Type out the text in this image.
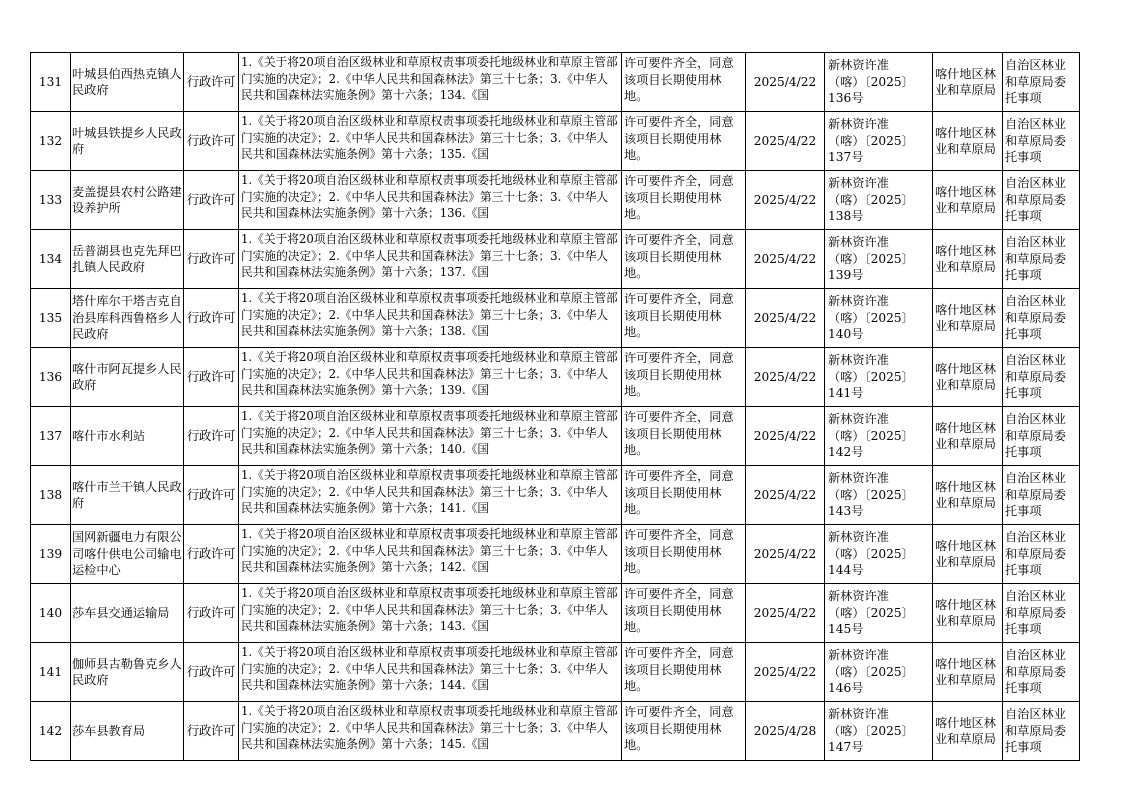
131	叶城县伯西热克镇人民政府	行政许可	1.《关于将20项自治区级林业和草原权责事项委托地级林业和草原主管部门实施的决定》；2.《中华人民共和国森林法》第三十七条；3.《中华人民共和国森林法实施条例》第十六条；134.《国	许可要件齐全，同意该项目长期使用林地。	2025/4/22	新林资许准
（喀）〔2025〕
136号	喀什地区林业和草原局	自治区林业和草原局委托事项
132	叶城县铁提乡人民政府	行政许可	1.《关于将20项自治区级林业和草原权责事项委托地级林业和草原主管部门实施的决定》；2.《中华人民共和国森林法》第三十七条；3.《中华人民共和国森林法实施条例》第十六条；135.《国	许可要件齐全，同意该项目长期使用林地。	2025/4/22	新林资许准
（喀）〔2025〕
137号	喀什地区林业和草原局	自治区林业和草原局委托事项
133	麦盖提县农村公路建设养护所	行政许可	1.《关于将20项自治区级林业和草原权责事项委托地级林业和草原主管部门实施的决定》；2.《中华人民共和国森林法》第三十七条；3.《中华人民共和国森林法实施条例》第十六条；136.《国	许可要件齐全，同意该项目长期使用林地。	2025/4/22	新林资许准
（喀）〔2025〕
138号	喀什地区林业和草原局	自治区林业和草原局委托事项
134	岳普湖县也克先拜巴扎镇人民政府	行政许可	1.《关于将20项自治区级林业和草原权责事项委托地级林业和草原主管部门实施的决定》；2.《中华人民共和国森林法》第三十七条；3.《中华人民共和国森林法实施条例》第十六条；137.《国	许可要件齐全，同意该项目长期使用林地。	2025/4/22	新林资许准
（喀）〔2025〕
139号	喀什地区林业和草原局	自治区林业和草原局委托事项
135	塔什库尔干塔吉克自治县库科西鲁格乡人民政府	行政许可	1.《关于将20项自治区级林业和草原权责事项委托地级林业和草原主管部门实施的决定》；2.《中华人民共和国森林法》第三十七条；3.《中华人民共和国森林法实施条例》第十六条；138.《国	许可要件齐全，同意该项目长期使用林地。	2025/4/22	新林资许准
（喀）〔2025〕
140号	喀什地区林业和草原局	自治区林业和草原局委托事项
136	喀什市阿瓦提乡人民政府	行政许可	1.《关于将20项自治区级林业和草原权责事项委托地级林业和草原主管部门实施的决定》；2.《中华人民共和国森林法》第三十七条；3.《中华人民共和国森林法实施条例》第十六条；139.《国	许可要件齐全，同意该项目长期使用林地。	2025/4/22	新林资许准
（喀）〔2025〕
141号	喀什地区林业和草原局	自治区林业和草原局委托事项
137	喀什市水利站	行政许可	1.《关于将20项自治区级林业和草原权责事项委托地级林业和草原主管部门实施的决定》；2.《中华人民共和国森林法》第三十七条；3.《中华人民共和国森林法实施条例》第十六条；140.《国	许可要件齐全，同意该项目长期使用林地。	2025/4/22	新林资许准
（喀）〔2025〕
142号	喀什地区林业和草原局	自治区林业和草原局委托事项
138	喀什市兰干镇人民政府	行政许可	1.《关于将20项自治区级林业和草原权责事项委托地级林业和草原主管部门实施的决定》；2.《中华人民共和国森林法》第三十七条；3.《中华人民共和国森林法实施条例》第十六条；141.《国	许可要件齐全，同意该项目长期使用林地。	2025/4/22	新林资许准
（喀）〔2025〕
143号	喀什地区林业和草原局	自治区林业和草原局委托事项
139	国网新疆电力有限公司喀什供电公司输电运检中心	行政许可	1.《关于将20项自治区级林业和草原权责事项委托地级林业和草原主管部门实施的决定》；2.《中华人民共和国森林法》第三十七条；3.《中华人民共和国森林法实施条例》第十六条；142.《国	许可要件齐全，同意该项目长期使用林地。	2025/4/22	新林资许准
（喀）〔2025〕
144号	喀什地区林业和草原局	自治区林业和草原局委托事项
140	莎车县交通运输局	行政许可	1.《关于将20项自治区级林业和草原权责事项委托地级林业和草原主管部门实施的决定》；2.《中华人民共和国森林法》第三十七条；3.《中华人民共和国森林法实施条例》第十六条；143.《国	许可要件齐全，同意该项目长期使用林地。	2025/4/22	新林资许准
（喀）〔2025〕
145号	喀什地区林业和草原局	自治区林业和草原局委托事项
141	伽师县古勒鲁克乡人民政府	行政许可	1.《关于将20项自治区级林业和草原权责事项委托地级林业和草原主管部门实施的决定》；2.《中华人民共和国森林法》第三十七条；3.《中华人民共和国森林法实施条例》第十六条；144.《国	许可要件齐全，同意该项目长期使用林地。	2025/4/22	新林资许准
（喀）〔2025〕
146号	喀什地区林业和草原局	自治区林业和草原局委托事项
142	莎车县教育局	行政许可	1.《关于将20项自治区级林业和草原权责事项委托地级林业和草原主管部门实施的决定》；2.《中华人民共和国森林法》第三十七条；3.《中华人民共和国森林法实施条例》第十六条；145.《国	许可要件齐全，同意该项目长期使用林地。	2025/4/28	新林资许准
（喀）〔2025〕
147号	喀什地区林业和草原局	自治区林业和草原局委托事项
